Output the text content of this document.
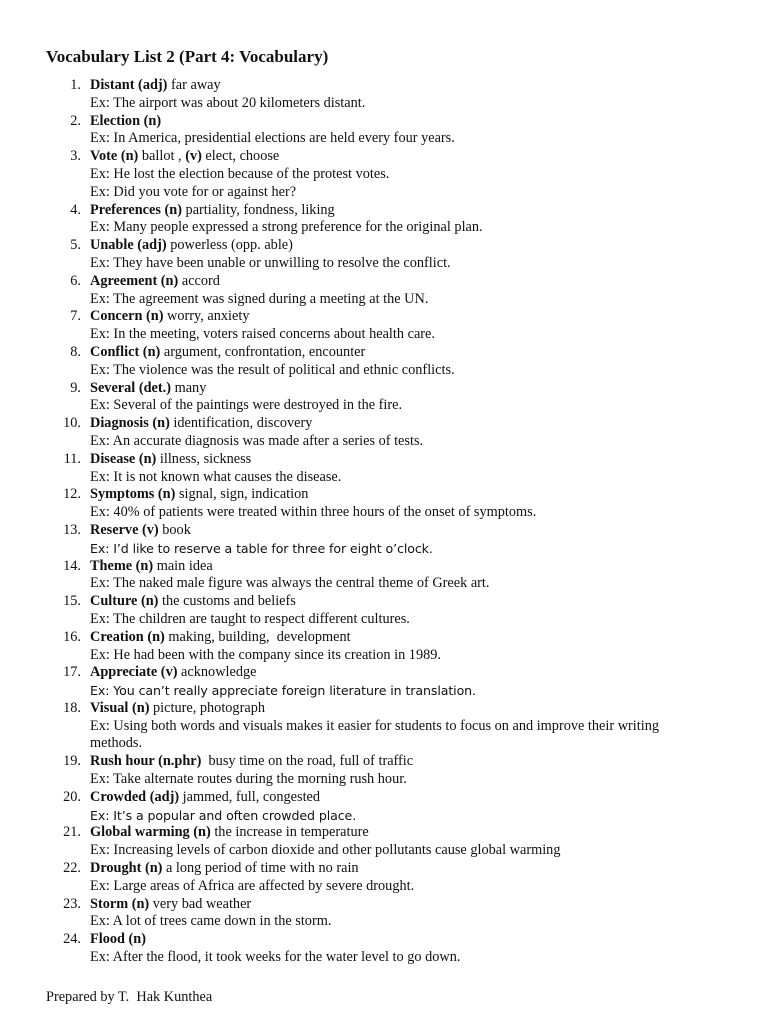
Vocabulary List 2 (Part 4: Vocabulary)
1. Distant (adj) far away
Ex: The airport was about 20 kilometers distant.
2. Election (n)
Ex: In America, presidential elections are held every four years.
3. Vote (n) ballot , (v) elect, choose
Ex: He lost the election because of the protest votes.
Ex: Did you vote for or against her?
4. Preferences (n) partiality, fondness, liking
Ex: Many people expressed a strong preference for the original plan.
5. Unable (adj) powerless (opp. able)
Ex: They have been unable or unwilling to resolve the conflict.
6. Agreement (n) accord
Ex: The agreement was signed during a meeting at the UN.
7. Concern (n) worry, anxiety
Ex: In the meeting, voters raised concerns about health care.
8. Conflict (n) argument, confrontation, encounter
Ex: The violence was the result of political and ethnic conflicts.
9. Several (det.) many
Ex: Several of the paintings were destroyed in the fire.
10. Diagnosis (n) identification, discovery
Ex: An accurate diagnosis was made after a series of tests.
11. Disease (n) illness, sickness
Ex: It is not known what causes the disease.
12. Symptoms (n) signal, sign, indication
Ex: 40% of patients were treated within three hours of the onset of symptoms.
13. Reserve (v) book
Ex: I’d like to reserve a table for three for eight o’clock.
14. Theme (n) main idea
Ex: The naked male figure was always the central theme of Greek art.
15. Culture (n) the customs and beliefs
Ex: The children are taught to respect different cultures.
16. Creation (n) making, building,  development
Ex: He had been with the company since its creation in 1989.
17. Appreciate (v) acknowledge
Ex: You can’t really appreciate foreign literature in translation.
18. Visual (n) picture, photograph
Ex: Using both words and visuals makes it easier for students to focus on and improve their writing methods.
19. Rush hour (n.phr)  busy time on the road, full of traffic
Ex: Take alternate routes during the morning rush hour.
20. Crowded (adj) jammed, full, congested
Ex: It’s a popular and often crowded place.
21. Global warming (n) the increase in temperature
Ex: Increasing levels of carbon dioxide and other pollutants cause global warming
22. Drought (n) a long period of time with no rain
Ex: Large areas of Africa are affected by severe drought.
23. Storm (n) very bad weather
Ex: A lot of trees came down in the storm.
24. Flood (n)
Ex: After the flood, it took weeks for the water level to go down.
Prepared by T.  Hak Kunthea
